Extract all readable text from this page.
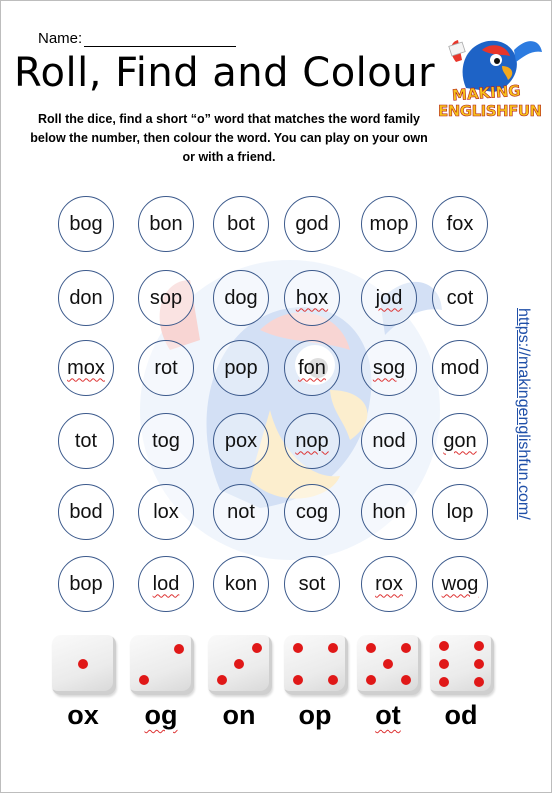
Name:
Roll, Find and Colour
Roll the dice, find a short “o” word that matches the word family below the number, then colour the word. You can play on your own or with a friend.
MAKING
ENGLISHFUN
https://makingenglishfun.com/
bog bon bot god mop fox
don sop dog hox jod cot
mox rot pop fon sog mod
tot	tog pox nop nod gon
bod	lox not cog hon lop
bop lod kon sot rox wog
ox	og	on	op	ot	od
